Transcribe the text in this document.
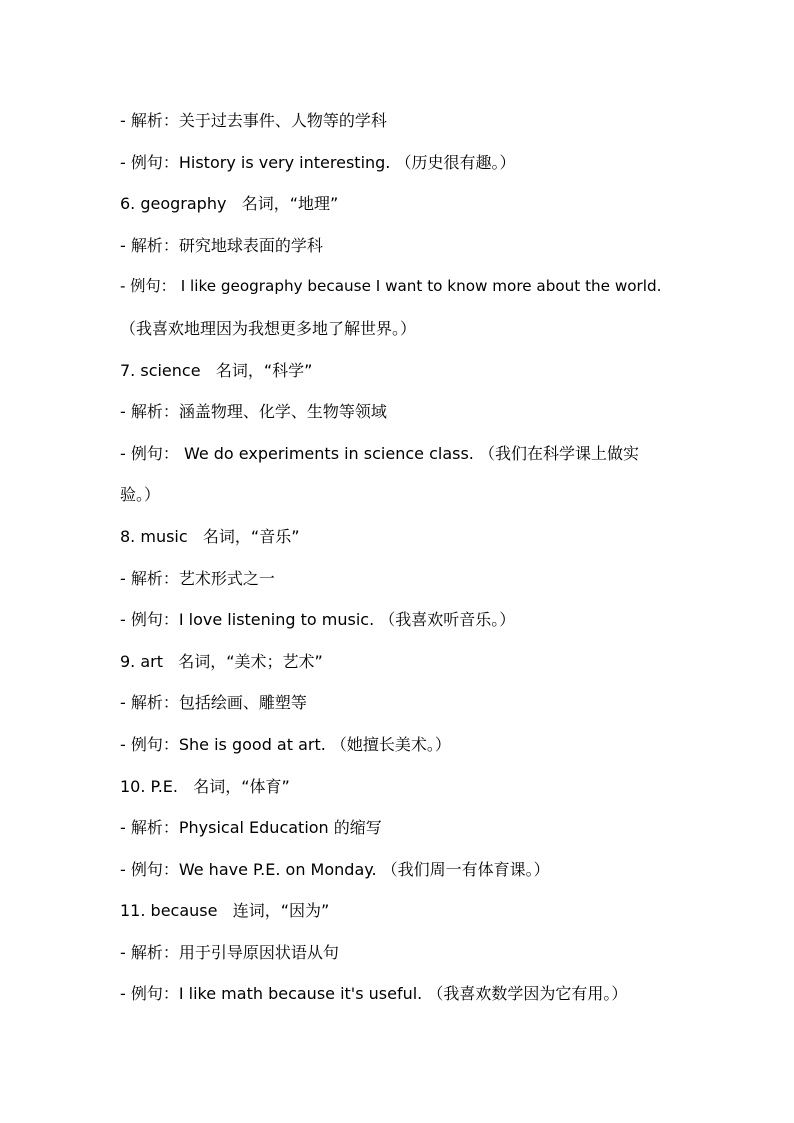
- 解析：关于过去事件、人物等的学科
- 例句：History is very interesting. （历史很有趣。）
6. geography   名词，“地理”
- 解析：研究地球表面的学科
- 例句： I like geography because I want to know more about the world.
（我喜欢地理因为我想更多地了解世界。）
7. science   名词，“科学”
- 解析：涵盖物理、化学、生物等领域
- 例句： We do experiments in science class. （我们在科学课上做实
验。）
8. music   名词，“音乐”
- 解析：艺术形式之一
- 例句：I love listening to music. （我喜欢听音乐。）
9. art   名词，“美术；艺术”
- 解析：包括绘画、雕塑等
- 例句：She is good at art. （她擅长美术。）
10. P.E.   名词，“体育”
- 解析：Physical Education 的缩写
- 例句：We have P.E. on Monday. （我们周一有体育课。）
11. because   连词，“因为”
- 解析：用于引导原因状语从句
- 例句：I like math because it's useful. （我喜欢数学因为它有用。）
